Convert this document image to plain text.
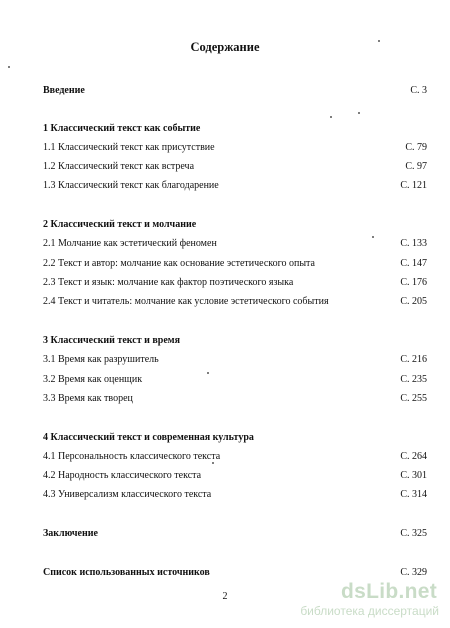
Содержание
Введение	С. 3
1 Классический текст как событие
1.1 Классический текст как присутствие	С. 79
1.2 Классический текст как встреча	С. 97
1.3 Классический текст как благодарение	С. 121
2 Классический текст и молчание
2.1 Молчание как эстетический феномен	С. 133
2.2 Текст и автор: молчание как основание эстетического опыта	С. 147
2.3 Текст и язык: молчание как фактор поэтического языка	С. 176
2.4 Текст и читатель: молчание как условие эстетического события	С. 205
3 Классический текст и время
3.1 Время как разрушитель	С. 216
3.2 Время как оценщик	С. 235
3.3 Время как творец	С. 255
4 Классический текст и современная культура
4.1 Персональность классического текста	С. 264
4.2 Народность классического текста	С. 301
4.3 Универсализм классического текста	С. 314
Заключение	С. 325
Список использованных источников	С. 329
2	dsLib.net
библиотека диссертаций
